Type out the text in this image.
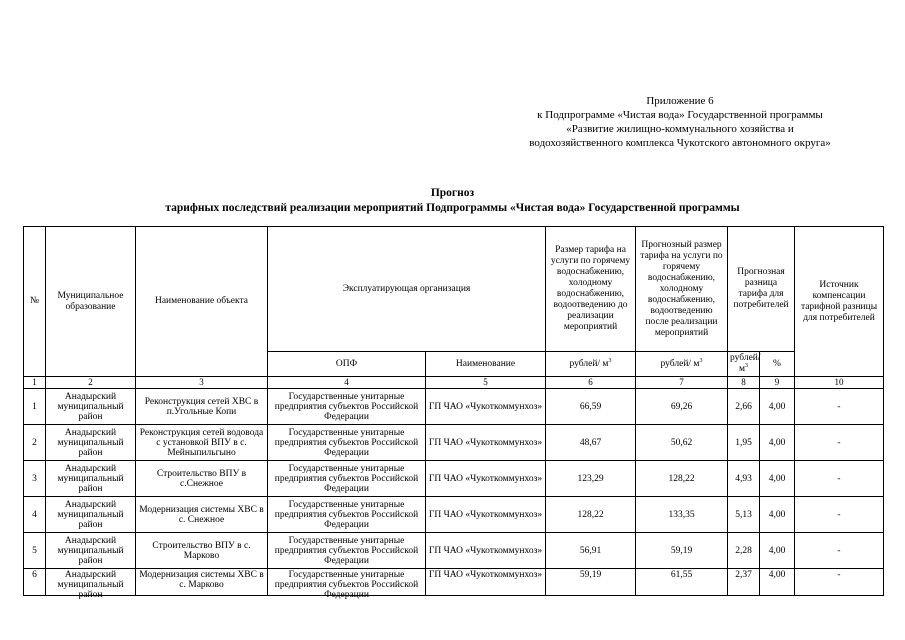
Приложение 6
к Подпрограмме «Чистая вода» Государственной программы
«Развитие жилищно-коммунального хозяйства и
водохозяйственного комплекса Чукотского автономного округа»
Прогноз
тарифных последствий реализации мероприятий Подпрограммы «Чистая вода» Государственной программы
№	Муниципальное образование	Наименование объекта	Эксплуатирующая организация		Размер тарифа на услуги по горячему водоснабжению, холодному водоснабжению, водоотведению до реализации мероприятий	Прогнозный размер тарифа на услуги по горячему водоснабжению, холодному водоснабжению, водоотведению после реализации мероприятий	Прогнозная разница тарифа для потребителей		Источник компенсации тарифной разницы для потребителей
			ОПФ	Наименование	рублей/ $м^3$	рублей/ $м^3$	рублей/ $м^3$	%	
1	2	3	4	5	6	7	8	9	10

1	Анадырский муниципальный район	Реконструкция сетей ХВС в п.Угольные Копи	Государственные унитарные предприятия субъектов Российской Федерации	ГП ЧАО «Чукоткоммунхоз»	66,59	69,26	2,66	4,00	-

2	Анадырский муниципальный район	Реконструкция сетей водовода с установкой ВПУ в с. Мейныпильгыно	Государственные унитарные предприятия субъектов Российской Федерации	ГП ЧАО «Чукоткоммунхоз»	48,67	50,62	1,95	4,00	-

3	Анадырский муниципальный район	Строительство ВПУ в с.Снежное	Государственные унитарные предприятия субъектов Российской Федерации	ГП ЧАО «Чукоткоммунхоз»	123,29	128,22	4,93	4,00	-

4	Анадырский муниципальный район	Модернизация системы ХВС в с. Снежное	Государственные унитарные предприятия субъектов Российской Федерации	ГП ЧАО «Чукоткоммунхоз»	128,22	133,35	5,13	4,00	-

5	Анадырский муниципальный район	Строительство ВПУ в с. Марково	Государственные унитарные предприятия субъектов Российской Федерации	ГП ЧАО «Чукоткоммунхоз»	56,91	59,19	2,28	4,00	-

6	Анадырский муниципальный район	Модернизация системы ХВС в с. Марково	Государственные унитарные предприятия субъектов Российской Федерации	ГП ЧАО «Чукоткоммунхоз»	59,19	61,55	2,37	4,00	-
